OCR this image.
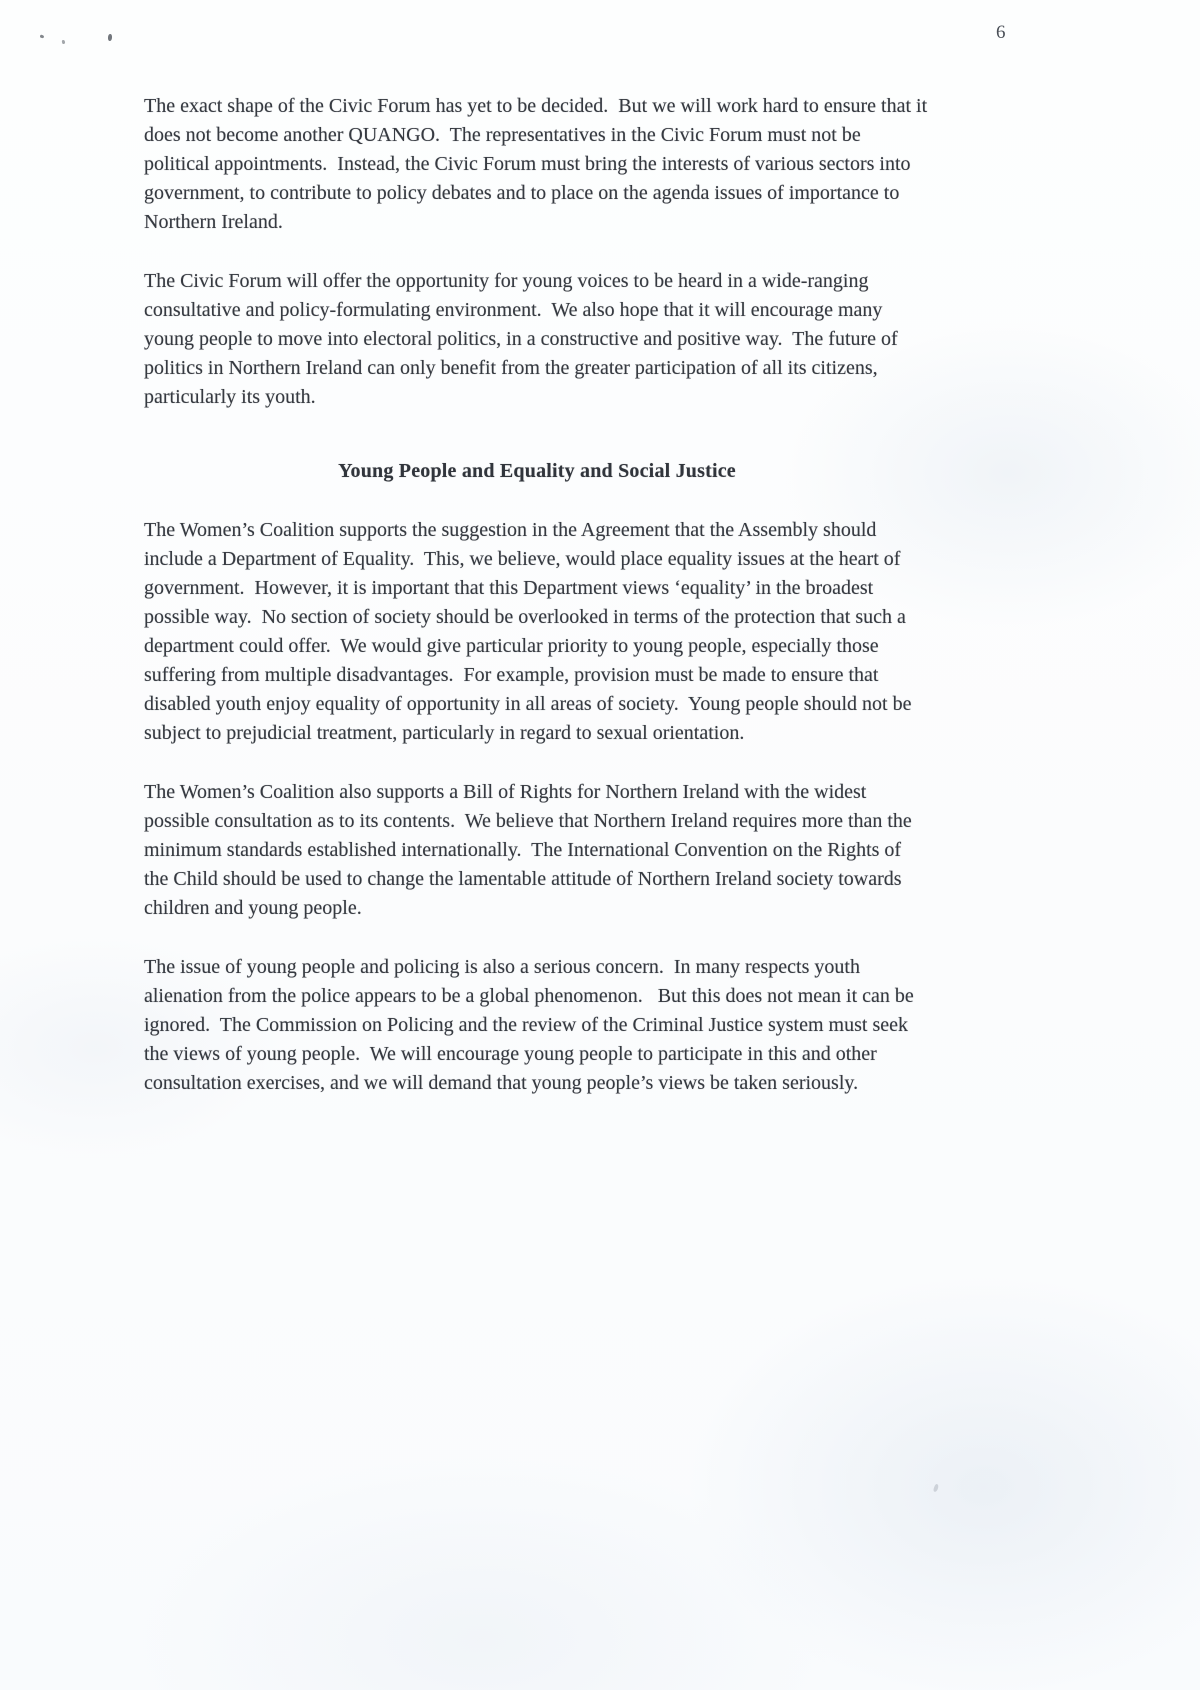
6

The exact shape of the Civic Forum has yet to be decided.  But we will work hard to ensure that it does not become another QUANGO.  The representatives in the Civic Forum must not be political appointments.  Instead, the Civic Forum must bring the interests of various sectors into government, to contribute to policy debates and to place on the agenda issues of importance to Northern Ireland.

The Civic Forum will offer the opportunity for young voices to be heard in a wide-ranging consultative and policy-formulating environment.  We also hope that it will encourage many young people to move into electoral politics, in a constructive and positive way.  The future of politics in Northern Ireland can only benefit from the greater participation of all its citizens, particularly its youth.

Young People and Equality and Social Justice

The Women’s Coalition supports the suggestion in the Agreement that the Assembly should include a Department of Equality.  This, we believe, would place equality issues at the heart of government.  However, it is important that this Department views ‘equality’ in the broadest possible way.  No section of society should be overlooked in terms of the protection that such a department could offer.  We would give particular priority to young people, especially those suffering from multiple disadvantages.  For example, provision must be made to ensure that disabled youth enjoy equality of opportunity in all areas of society.  Young people should not be subject to prejudicial treatment, particularly in regard to sexual orientation.

The Women’s Coalition also supports a Bill of Rights for Northern Ireland with the widest possible consultation as to its contents.  We believe that Northern Ireland requires more than the minimum standards established internationally.  The International Convention on the Rights of the Child should be used to change the lamentable attitude of Northern Ireland society towards children and young people.

The issue of young people and policing is also a serious concern.  In many respects youth alienation from the police appears to be a global phenomenon.   But this does not mean it can be ignored.  The Commission on Policing and the review of the Criminal Justice system must seek the views of young people.  We will encourage young people to participate in this and other consultation exercises, and we will demand that young people’s views be taken seriously.
